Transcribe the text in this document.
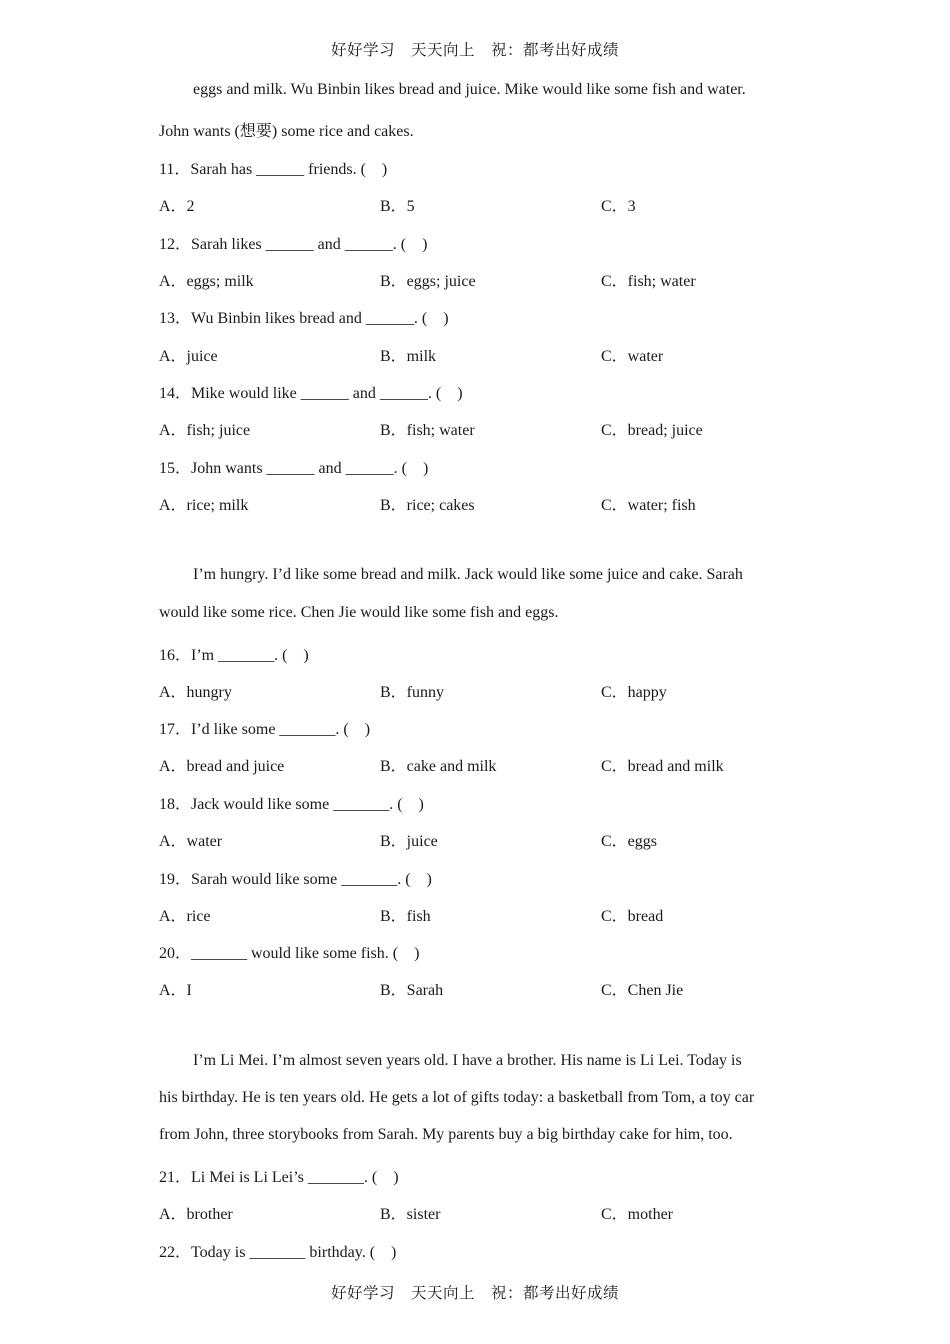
好好学习　天天向上　祝：都考出好成绩
eggs and milk. Wu Binbin likes bread and juice. Mike would like some fish and water.
John wants (想要) some rice and cakes.
11．Sarah has ______ friends. (　)
A．2	B．5	C．3
12．Sarah likes ______ and ______. (　)
A．eggs; milk	B．eggs; juice	C．fish; water
13．Wu Binbin likes bread and ______. (　)
A．juice	B．milk	C．water
14．Mike would like ______ and ______. (　)
A．fish; juice	B．fish; water	C．bread; juice
15．John wants ______ and ______. (　)
A．rice; milk	B．rice; cakes	C．water; fish
I’m hungry. I’d like some bread and milk. Jack would like some juice and cake. Sarah
would like some rice. Chen Jie would like some fish and eggs.
16．I’m _______. (　)
A．hungry	B．funny	C．happy
17．I’d like some _______. (　)
A．bread and juice	B．cake and milk	C．bread and milk
18．Jack would like some _______. (　)
A．water	B．juice	C．eggs
19．Sarah would like some _______. (　)
A．rice	B．fish	C．bread
20．_______ would like some fish. (　)
A．I	B．Sarah	C．Chen Jie
I’m Li Mei. I’m almost seven years old. I have a brother. His name is Li Lei. Today is
his birthday. He is ten years old. He gets a lot of gifts today: a basketball from Tom, a toy car
from John, three storybooks from Sarah. My parents buy a big birthday cake for him, too.
21．Li Mei is Li Lei’s _______. (　)
A．brother	B．sister	C．mother
22．Today is _______ birthday. (　)
好好学习　天天向上　祝：都考出好成绩
